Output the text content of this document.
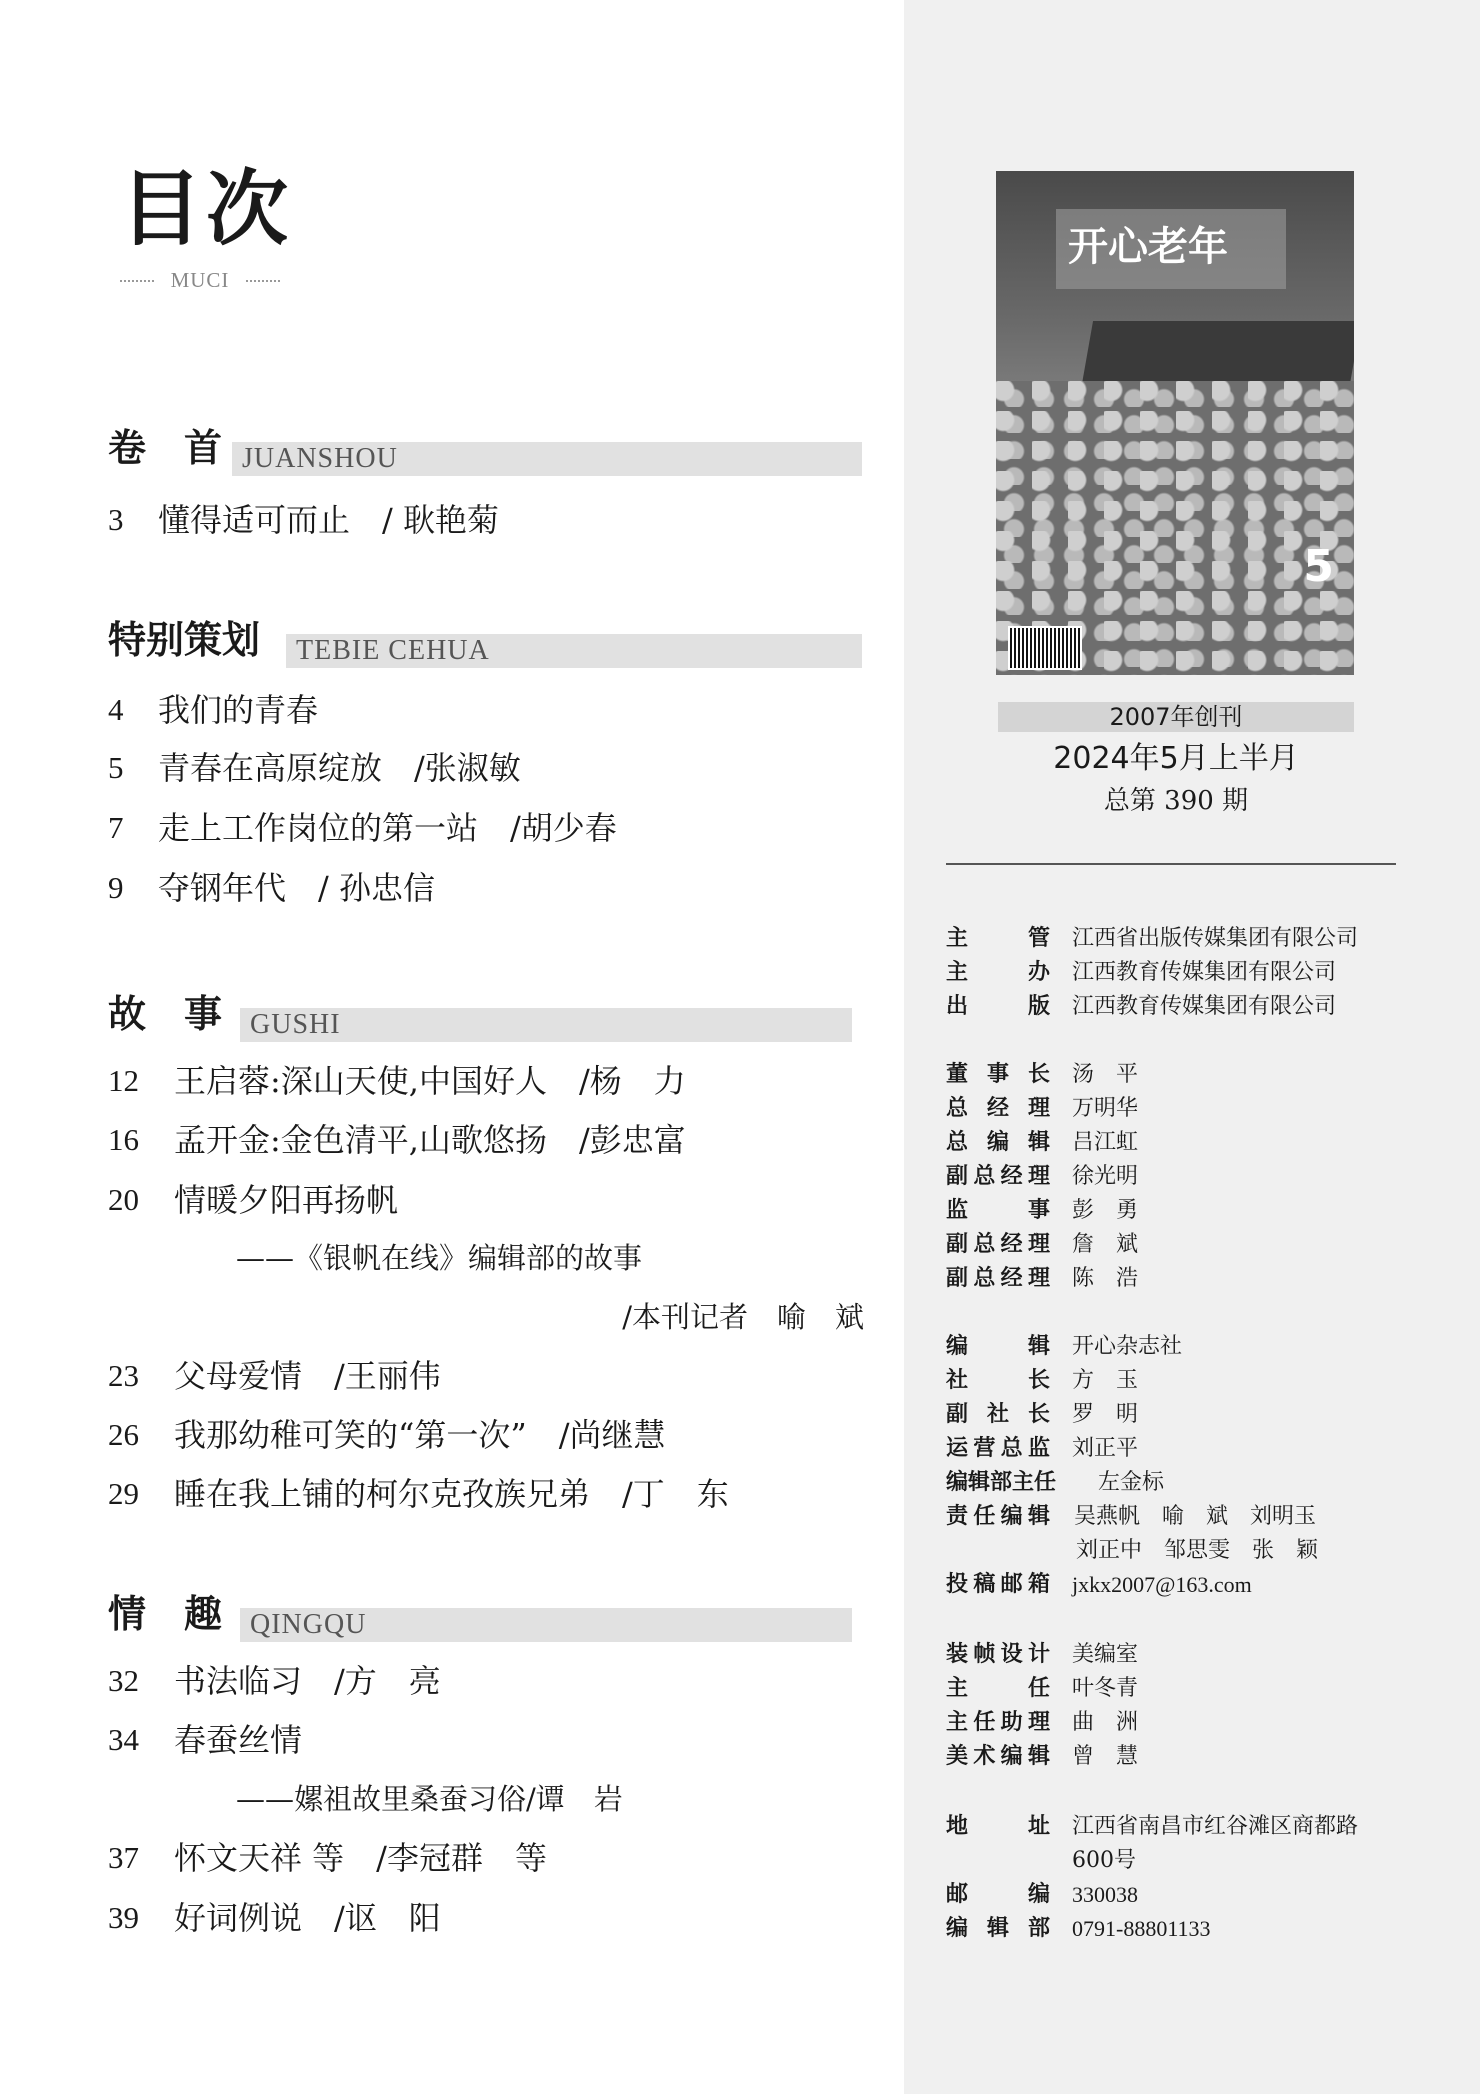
目次
MUCI
卷　首 JUANSHOU
3 懂得适可而止　/ 耿艳菊
特别策划	TEBIE CEHUA
4 我们的青春
5 青春在高原绽放　/张淑敏
7 走上工作岗位的第一站　/胡少春
9 夺钢年代　/ 孙忠信
故　事 GUSHI
12 王启蓉:深山天使,中国好人　/杨　力
16 孟开金:金色清平,山歌悠扬　/彭忠富
20 情暖夕阳再扬帆
——《银帆在线》编辑部的故事
/本刊记者　喻　斌
23 父母爱情　/王丽伟
26 我那幼稚可笑的“第一次”　/尚继慧
29 睡在我上铺的柯尔克孜族兄弟　/丁　东
情　趣 QINGQU
32 书法临习　/方　亮
34 春蚕丝情
——嫘祖故里桑蚕习俗/谭　岩
37 怀文天祥 等　/李冠群　等
39 好词例说　/讴　阳
开心老年
5
2007年创刊
2024年5月上半月
总第 390 期
主　管 江西省出版传媒集团有限公司
主　办 江西教育传媒集团有限公司
出　版 江西教育传媒集团有限公司
董事长 汤　平
总经理 万明华
总编辑 吕江虹
副总经理 徐光明
监　事 彭　勇
副总经理 詹　斌
副总经理 陈　浩
编　辑 开心杂志社
社　长 方　玉
副社长 罗　明
运营总监 刘正平
编辑部主任 左金标
责任编辑 吴燕帆　喻　斌　刘明玉
刘正中　邹思雯　张　颖
投稿邮箱 jxkx2007@163.com
装帧设计 美编室
主　任 叶冬青
主任助理 曲　洲
美术编辑 曾　慧
地　址 江西省南昌市红谷滩区商都路
600号
邮　编 330038
编辑部 0791-88801133
